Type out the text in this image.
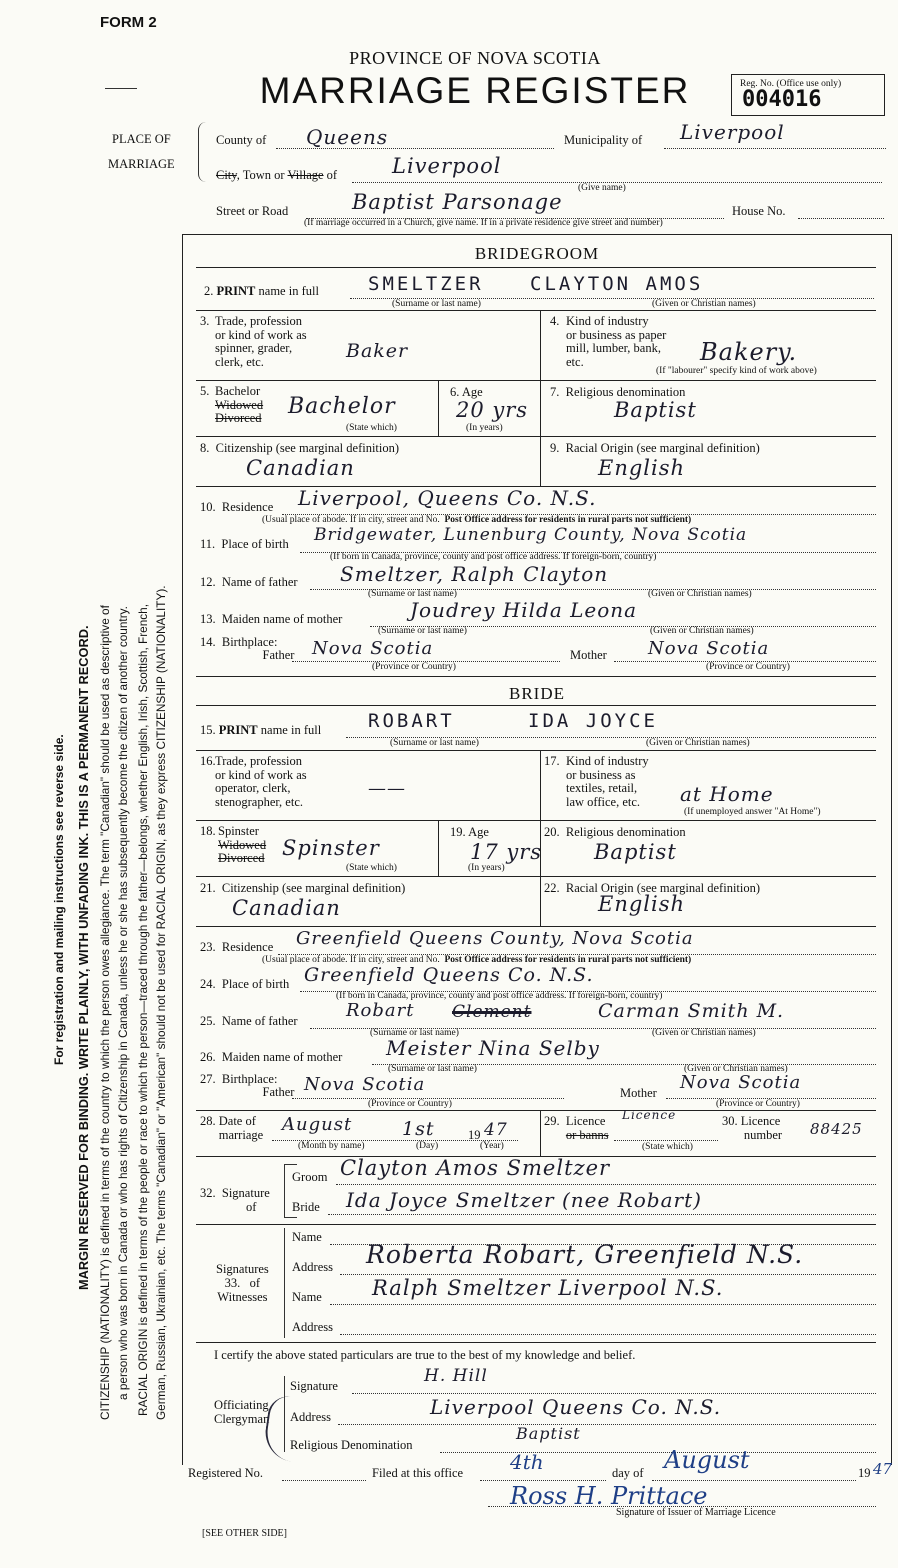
FORM 2
PROVINCE OF NOVA SCOTIA
MARRIAGE REGISTER	Reg. No. (Office use only)
004016
PLACE OF
MARRIAGE
County of Queens	Municipality of Liverpool
City, Town or Village of	Liverpool
(Give name)
Street or Road	Baptist Parsonage	House No.
(If marriage occurred in a Church, give name. If in a private residence give street and number)
For registration and mailing instructions see reverse side. MARGIN RESERVED FOR BINDING. WRITE PLAINLY, WITH UNFADING INK. THIS IS A PERMANENT RECORD. CITIZENSHIP (NATIONALITY) is defined in terms of the country to which the person owes allegiance. The term "Canadian" should be used as descriptive of a person who was born in Canada or who has rights of Citizenship in Canada, unless he or she has subsequently become the citizen of another country. RACIAL ORIGIN is defined in terms of the people or race to which the person—traced through the father—belongs, whether English, Irish, Scottish, French, German, Russian, Ukrainian, etc. The terms "Canadian" or "American" should not be used for RACIAL ORIGIN, as they express CITIZENSHIP (NATIONALITY).
BRIDEGROOM
2. PRINT name in full	SMELTZER CLAYTON AMOS
(Surname or last name)	(Given or Christian names)
3. Trade, profession
or kind of work as
spinner, grader,
clerk, etc.	Baker
4. Kind of industry
or business as paper
mill, lumber, bank,
etc.	Bakery.
(If "labourer" specify kind of work above)
5. Bachelor
Widowed
Divorced Bachelor
(State which)
6. Age
20 yrs
(In years)
7.  Religious denomination
Baptist
8.  Citizenship (see marginal definition)
Canadian
9.  Racial Origin (see marginal definition)
English
10.  Residence Liverpool, Queens Co. N.S.
(Usual place of abode. If in city, street and No. Post Office address for residents in rural parts not sufficient)
11.  Place of birth Bridgewater, Lunenburg County, Nova Scotia
(If born in Canada, province, county and post office address. If foreign-born, country)
12.  Name of father Smeltzer, Ralph Clayton
(Surname or last name)	(Given or Christian names)
13.  Maiden name of mother	Joudrey Hilda Leona
(Surname or last name)	(Given or Christian names)
14.  Birthplace:
Father Nova Scotia	Mother Nova Scotia
(Province or Country)	(Province or Country)
BRIDE
15. PRINT name in full ROBART	IDA JOYCE
(Surname or last name)	(Given or Christian names)
16. Trade, profession
or kind of work as
operator, clerk,
stenographer, etc.
——
17. Kind of industry
or business as
textiles, retail,
law office, etc.	at Home
(If unemployed answer "At Home")
18. Spinster
Widowed
Divorced Spinster
(State which)
19. Age
17 yrs
(In years)
20.  Religious denomination
Baptist
21.  Citizenship (see marginal definition)
Canadian
22.  Racial Origin (see marginal definition)
English
23.  Residence Greenfield Queens County, Nova Scotia
(Usual place of abode. If in city, street and No. Post Office address for residents in rural parts not sufficient)
24.  Place of birth Greenfield Queens Co. N.S.
(If born in Canada, province, county and post office address. If foreign-born, country)
25.  Name of father	Robart Clement	Carman Smith M.
(Surname or last name)	(Given or Christian names)
26.  Maiden name of mother Meister Nina Selby
(Surname or last name)	(Given or Christian names)
27.  Birthplace:
Father Nova Scotia	Mother Nova Scotia
(Province or Country)	(Province or Country)
28. Date of
marriage August	1st	19 47
(Month by name)	(Day)	(Year)
29.  Licence
or banns
Licence
(State which)
30. Licence
number 88425
32.  Signature
of
Groom Clayton Amos Smeltzer
Bride Ida Joyce Smeltzer (nee Robart)
Signatures
33.   of
Witnesses
Name
Address Roberta Robart, Greenfield N.S.
Name Ralph Smeltzer Liverpool N.S.
Address
I certify the above stated particulars are true to the best of my knowledge and belief.
Officiating
Clergyman
Signature	H. Hill
Address	Liverpool Queens Co. N.S.
Religious Denomination
Baptist
Registered No.	Filed at this office 4th	day of August	19 47
Ross H. Prittace
Signature of Issuer of Marriage Licence
[SEE OTHER SIDE]
